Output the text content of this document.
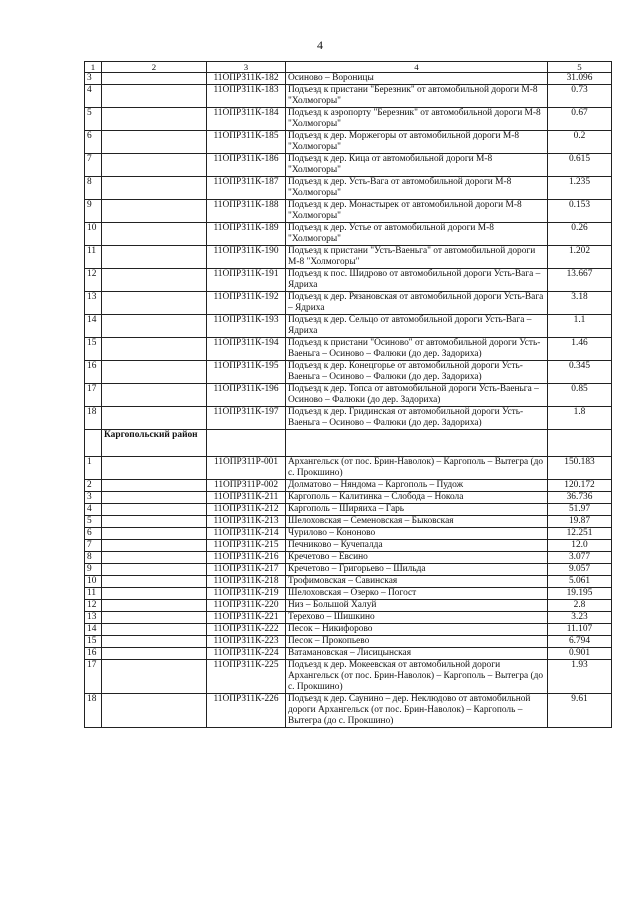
4
1	2	3	4	5
3		11ОПРЗ11К-182	Осиново – Вороницы	31.096
4		11ОПРЗ11К-183	Подъезд к пристани "Березник" от автомобильной дороги М-8 "Холмогоры"	0.73
5		11ОПРЗ11К-184	Подъезд к аэропорту "Березник" от автомобильной дороги М-8 "Холмогоры"	0.67
6		11ОПРЗ11К-185	Подъезд к дер. Моржегоры от автомобильной дороги М-8 "Холмогоры"	0.2
7		11ОПРЗ11К-186	Подъезд к дер. Кица от автомобильной дороги М-8 "Холмогоры"	0.615
8		11ОПРЗ11К-187	Подъезд к дер. Усть-Вага от автомобильной дороги М-8 "Холмогоры"	1.235
9		11ОПРЗ11К-188	Подъезд к дер. Монастырек от автомобильной дороги М-8 "Холмогоры"	0.153
10		11ОПРЗ11К-189	Подъезд к дер. Устье от автомобильной дороги М-8 "Холмогоры"	0.26
11		11ОПРЗ11К-190	Подъезд к пристани "Усть-Ваеньга" от автомобильной дороги М-8 "Холмогоры"	1.202
12		11ОПРЗ11К-191	Подъезд к пос. Шидрово от автомобильной дороги Усть-Вага – Ядриха	13.667
13		11ОПРЗ11К-192	Подъезд к дер. Рязановская от автомобильной дороги Усть-Вага – Ядриха	3.18
14		11ОПРЗ11К-193	Подъезд к дер. Сельцо от автомобильной дороги Усть-Вага – Ядриха	1.1
15		11ОПРЗ11К-194	Подъезд к пристани "Осиново" от автомобильной дороги Усть-Ваеньга – Осиново – Фалюки (до дер. Задориха)	1.46
16		11ОПРЗ11К-195	Подъезд к дер. Конецгорье от автомобильной дороги Усть-Ваеньга – Осиново – Фалюки (до дер. Задориха)	0.345
17		11ОПРЗ11К-196	Подъезд к дер. Топса от автомобильной дороги Усть-Ваеньга – Осиново – Фалюки (до дер. Задориха)	0.85
18		11ОПРЗ11К-197	Подъезд к дер. Гридинская от автомобильной дороги Усть-Ваеньга – Осиново – Фалюки (до дер. Задориха)	1.8
	Каргопольский район			
1		11ОПРЗ11Р-001	Архангельск (от пос. Брин-Наволок) – Каргополь – Вытегра (до с. Прокшино)	150.183
2		11ОПРЗ11Р-002	Долматово – Няндома – Каргополь – Пудож	120.172
3		11ОПРЗ11К-211	Каргополь – Калитинка – Слобода – Нокола	36.736
4		11ОПРЗ11К-212	Каргополь – Ширяиха – Гарь	51.97
5		11ОПРЗ11К-213	Шелоховская – Семеновская – Быковская	19.87
6		11ОПРЗ11К-214	Чурилово – Кононово	12.251
7		11ОПРЗ11К-215	Печниково – Кучепалда	12.0
8		11ОПРЗ11К-216	Кречетово – Евсино	3.077
9		11ОПРЗ11К-217	Кречетово – Григорьево – Шильда	9.057
10		11ОПРЗ11К-218	Трофимовская – Савинская	5.061
11		11ОПРЗ11К-219	Шелоховская – Озерко – Погост	19.195
12		11ОПРЗ11К-220	Низ – Большой Халуй	2.8
13		11ОПРЗ11К-221	Терехово – Шишкино	3.23
14		11ОПРЗ11К-222	Песок – Никифорово	11.107
15		11ОПРЗ11К-223	Песок – Прокопьево	6.794
16		11ОПРЗ11К-224	Ватамановская – Лисицынская	0.901
17		11ОПРЗ11К-225	Подъезд к дер. Мокеевская от автомобильной дороги Архангельск (от пос. Брин-Наволок) – Каргополь – Вытегра (до с. Прокшино)	1.93
18		11ОПРЗ11К-226	Подъезд к дер. Саунино – дер. Неклюдово от автомобильной дороги Архангельск (от пос. Брин-Наволок) – Каргополь – Вытегра (до с. Прокшино)	9.61
